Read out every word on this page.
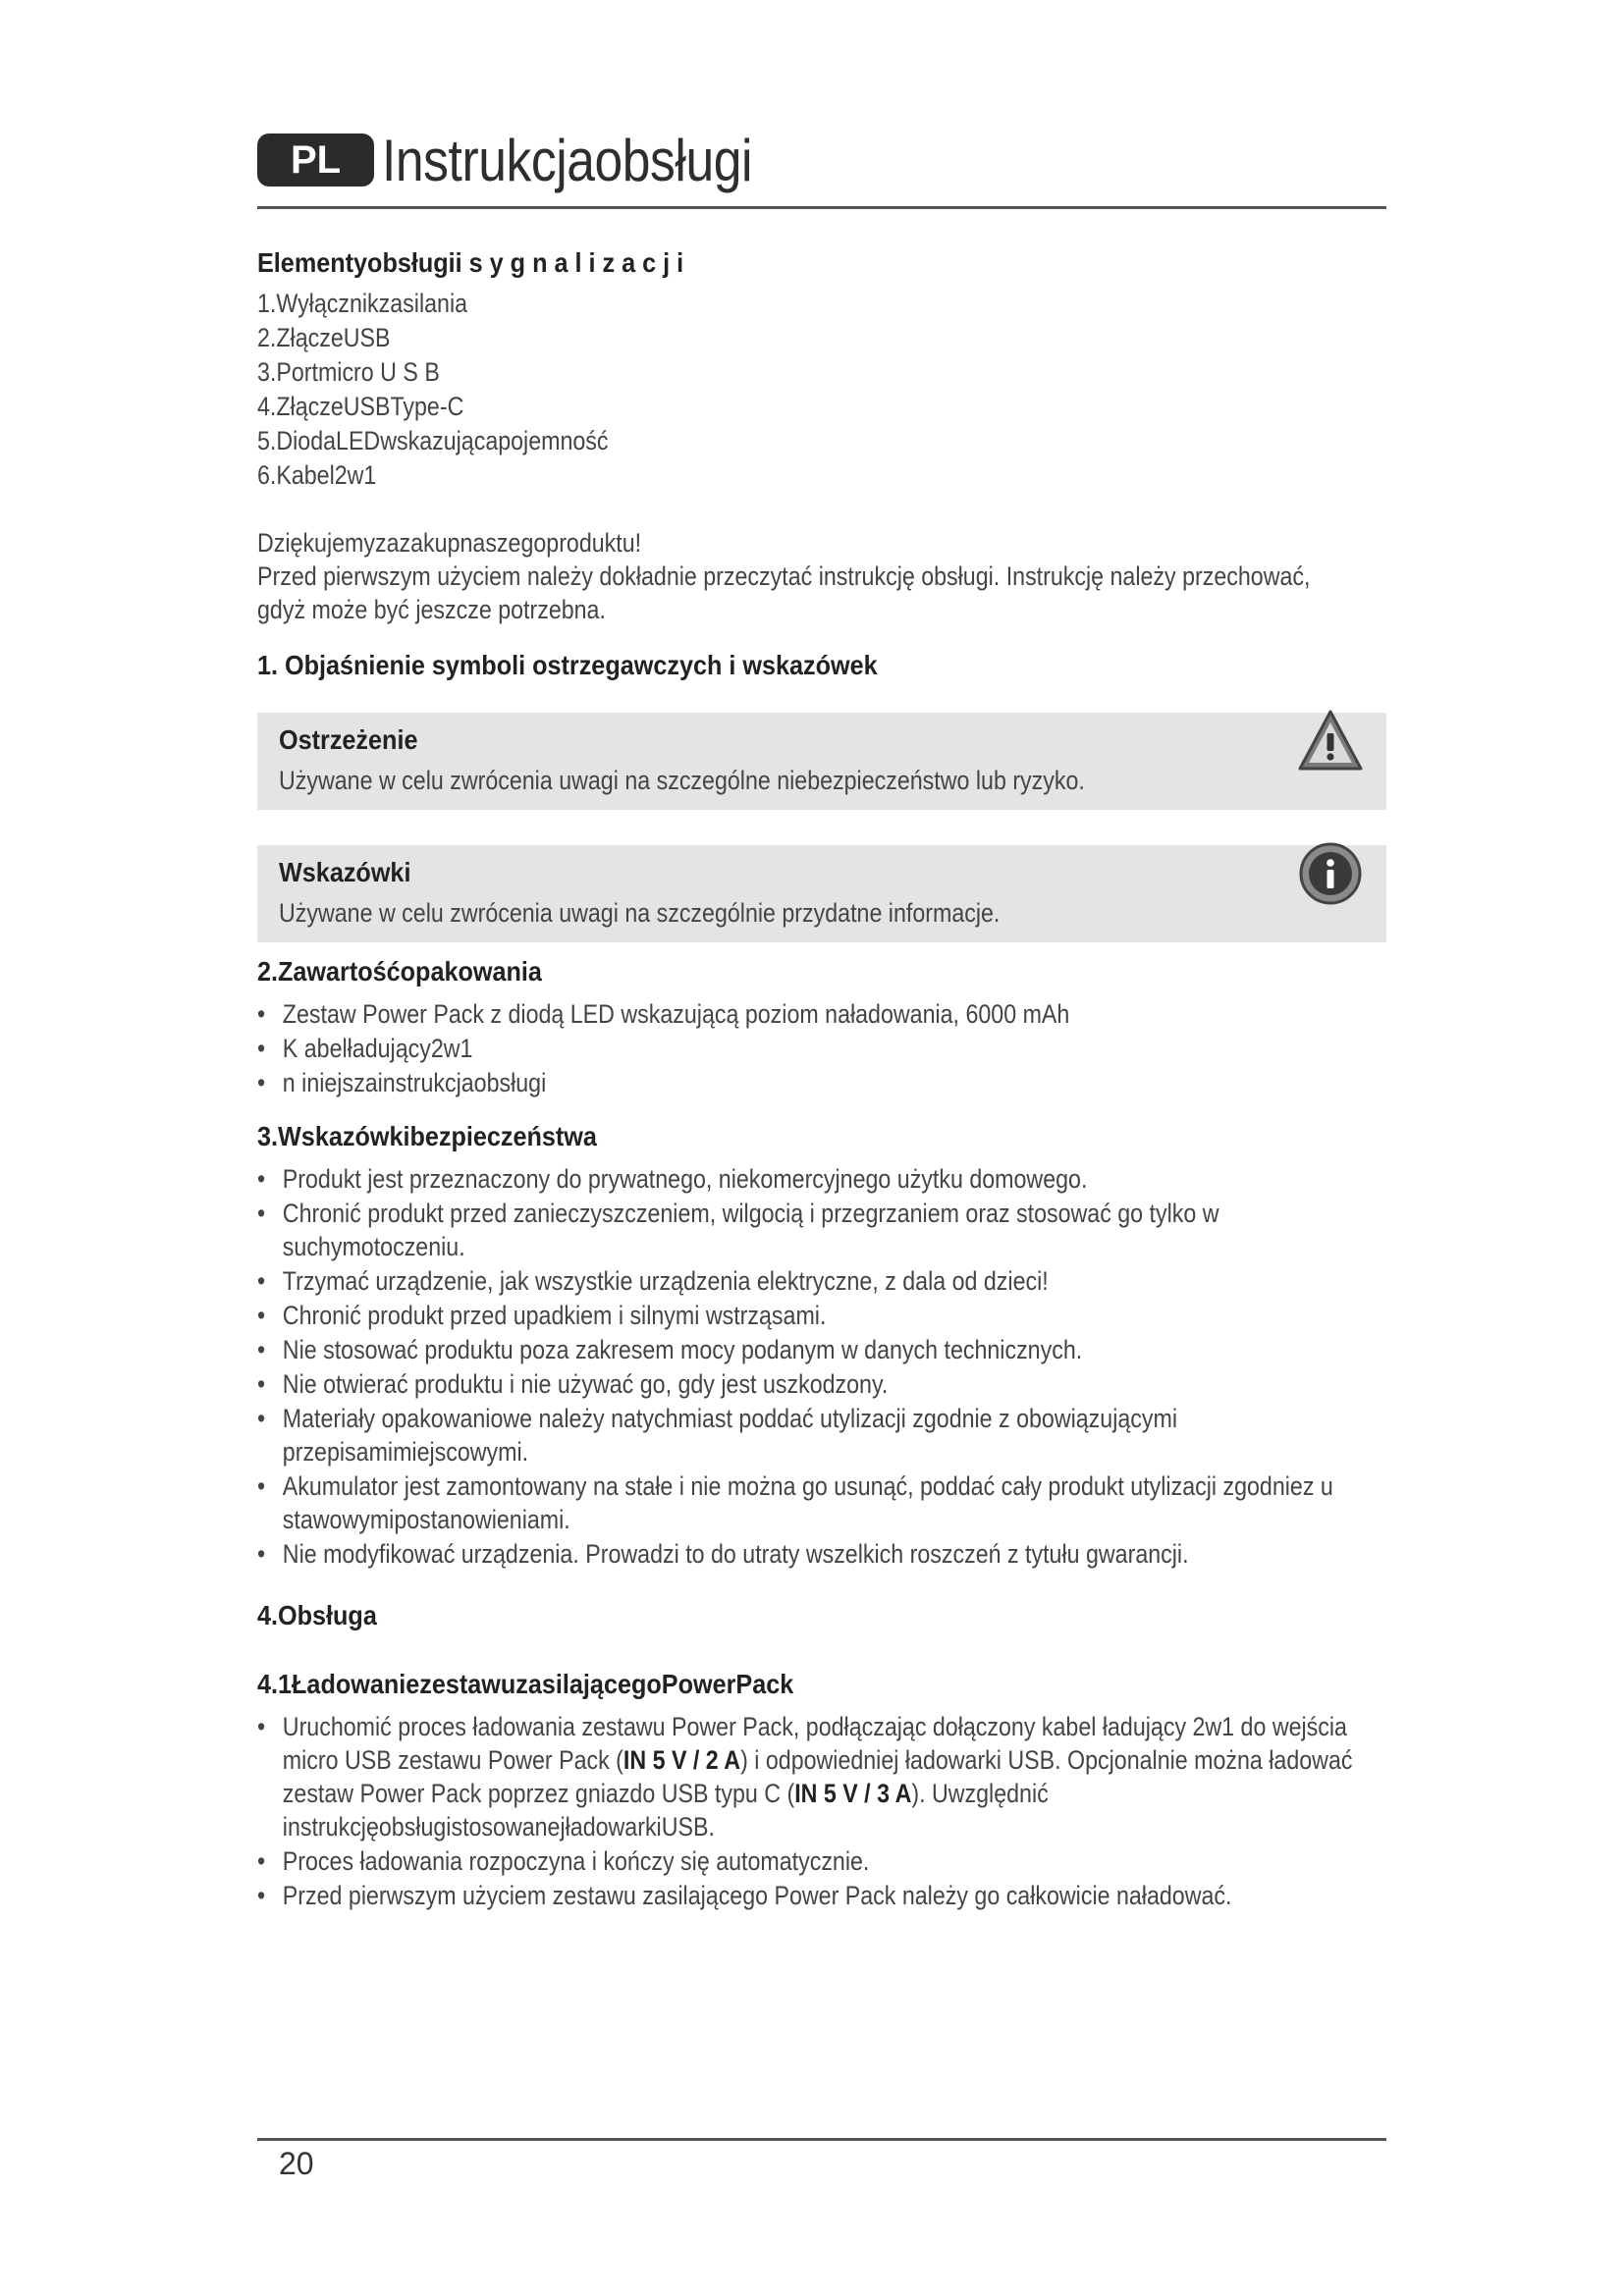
PL Instrukcjaobsługi
Elementyobsługii s y g n a l i z a c j i
1.Wyłącznikzasilania
2.ZłączeUSB
3.Portmicro U S B
4.ZłączeUSBType-C
5.DiodaLEDwskazującapojemność
6.Kabel2w1
Dziękujemyzazakupnaszegoproduktu!
Przed pierwszym użyciem należy dokładnie przeczytać instrukcję obsługi. Instrukcję należy przechować, gdyż może być jeszcze potrzebna.
1. Objaśnienie symboli ostrzegawczych i wskazówek
Ostrzeżenie
Używane w celu zwrócenia uwagi na szczególne niebezpieczeństwo lub ryzyko.
Wskazówki
Używane w celu zwrócenia uwagi na szczególnie przydatne informacje.
2.Zawartośćopakowania
• Zestaw Power Pack z diodą LED wskazującą poziom naładowania, 6000 mAh
• K abelładujący2w1
• n iniejszainstrukcjaobsługi
3.Wskazówkibezpieczeństwa
• Produkt jest przeznaczony do prywatnego, niekomercyjnego użytku domowego.
• Chronić produkt przed zanieczyszczeniem, wilgocią i przegrzaniem oraz stosować go tylko w suchymotoczeniu.
• Trzymać urządzenie, jak wszystkie urządzenia elektryczne, z dala od dzieci!
• Chronić produkt przed upadkiem i silnymi wstrząsami.
• Nie stosować produktu poza zakresem mocy podanym w danych technicznych.
• Nie otwierać produktu i nie używać go, gdy jest uszkodzony.
• Materiały opakowaniowe należy natychmiast poddać utylizacji zgodnie z obowiązującymi przepisamimiejscowymi.
• Akumulator jest zamontowany na stałe i nie można go usunąć, poddać cały produkt utylizacji zgodniez u stawowymipostanowieniami.
• Nie modyfikować urządzenia. Prowadzi to do utraty wszelkich roszczeń z tytułu gwarancji.
4.Obsługa
4.1ŁadowaniezestawuzasilającegoPowerPack
• Uruchomić proces ładowania zestawu Power Pack, podłączając dołączony kabel ładujący 2w1 do wejścia micro USB zestawu Power Pack (IN 5 V / 2 A) i odpowiedniej ładowarki USB. Opcjonalnie można ładować zestaw Power Pack poprzez gniazdo USB typu C (IN 5 V / 3 A). Uwzględnić instrukcjęobsługistosowanejładowarkiUSB.
• Proces ładowania rozpoczyna i kończy się automatycznie.
• Przed pierwszym użyciem zestawu zasilającego Power Pack należy go całkowicie naładować.
20
